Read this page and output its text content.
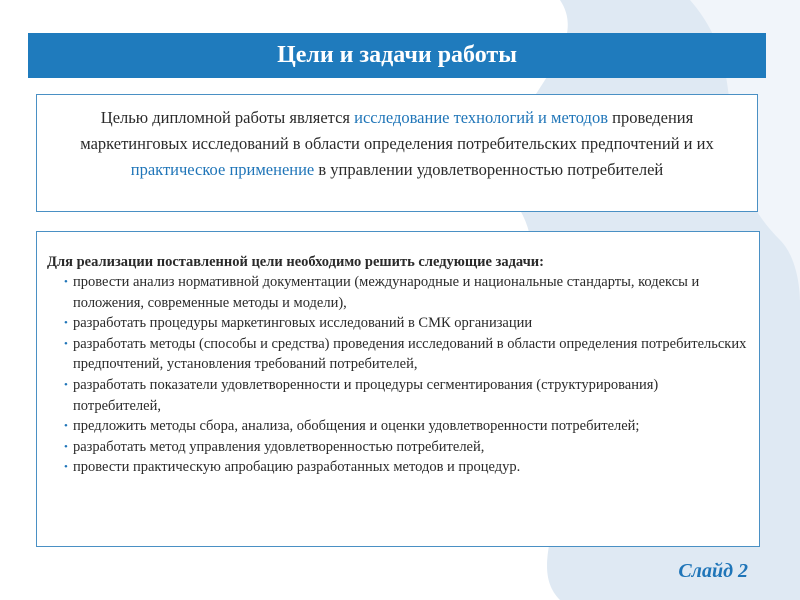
Цели и задачи работы
Целью дипломной работы является исследование технологий и методов проведения маркетинговых исследований в области определения потребительских предпочтений и их практическое применение в управлении удовлетворенностью потребителей
Для реализации поставленной цели необходимо решить следующие задачи:
• провести анализ нормативной документации (международные и национальные стандарты, кодексы и положения, современные методы и модели),
• разработать процедуры маркетинговых исследований в СМК организации
• разработать методы (способы и средства) проведения исследований в области определения потребительских предпочтений, установления требований потребителей,
• разработать показатели удовлетворенности и процедуры сегментирования (структурирования) потребителей,
• предложить методы сбора, анализа, обобщения и оценки удовлетворенности потребителей;
• разработать метод управления удовлетворенностью потребителей,
• провести практическую апробацию разработанных методов и процедур.
Слайд 2
